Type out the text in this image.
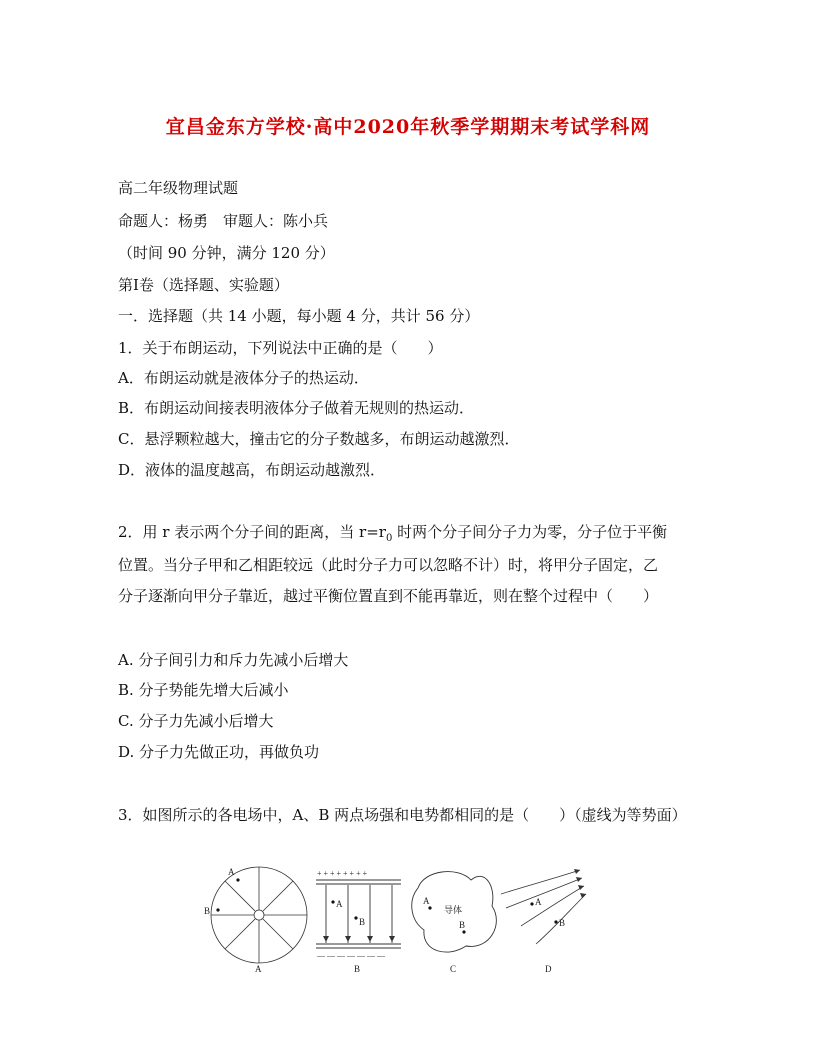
宜昌金东方学校·高中2020年秋季学期期末考试学科网
高二年级物理试题
命题人：杨勇　审题人：陈小兵
（时间 90 分钟，满分 120 分）
第Ⅰ卷（选择题、实验题）
一．选择题（共 14 小题，每小题 4 分，共计 56 分）
1．关于布朗运动，下列说法中正确的是（　　）
A．布朗运动就是液体分子的热运动．
B．布朗运动间接表明液体分子做着无规则的热运动．
C．悬浮颗粒越大，撞击它的分子数越多，布朗运动越激烈．
D．液体的温度越高，布朗运动越激烈．
2．用 r 表示两个分子间的距离，当 $r=r_0$ 时两个分子间分子力为零，分子位于平衡
位置。当分子甲和乙相距较远（此时分子力可以忽略不计）时，将甲分子固定，乙
分子逐渐向甲分子靠近，越过平衡位置直到不能再靠近，则在整个过程中（　　）
A. 分子间引力和斥力先减小后增大
B. 分子势能先增大后减小
C. 分子力先减小后增大
D. 分子力先做正功，再做负功
3．如图所示的各电场中，A、B 两点场强和电势都相同的是（　　）（虚线为等势面）
A
B
A
+ + + + + + + +
— — — — — — —
A
B
B
A
导体
B
C
A
B
D
